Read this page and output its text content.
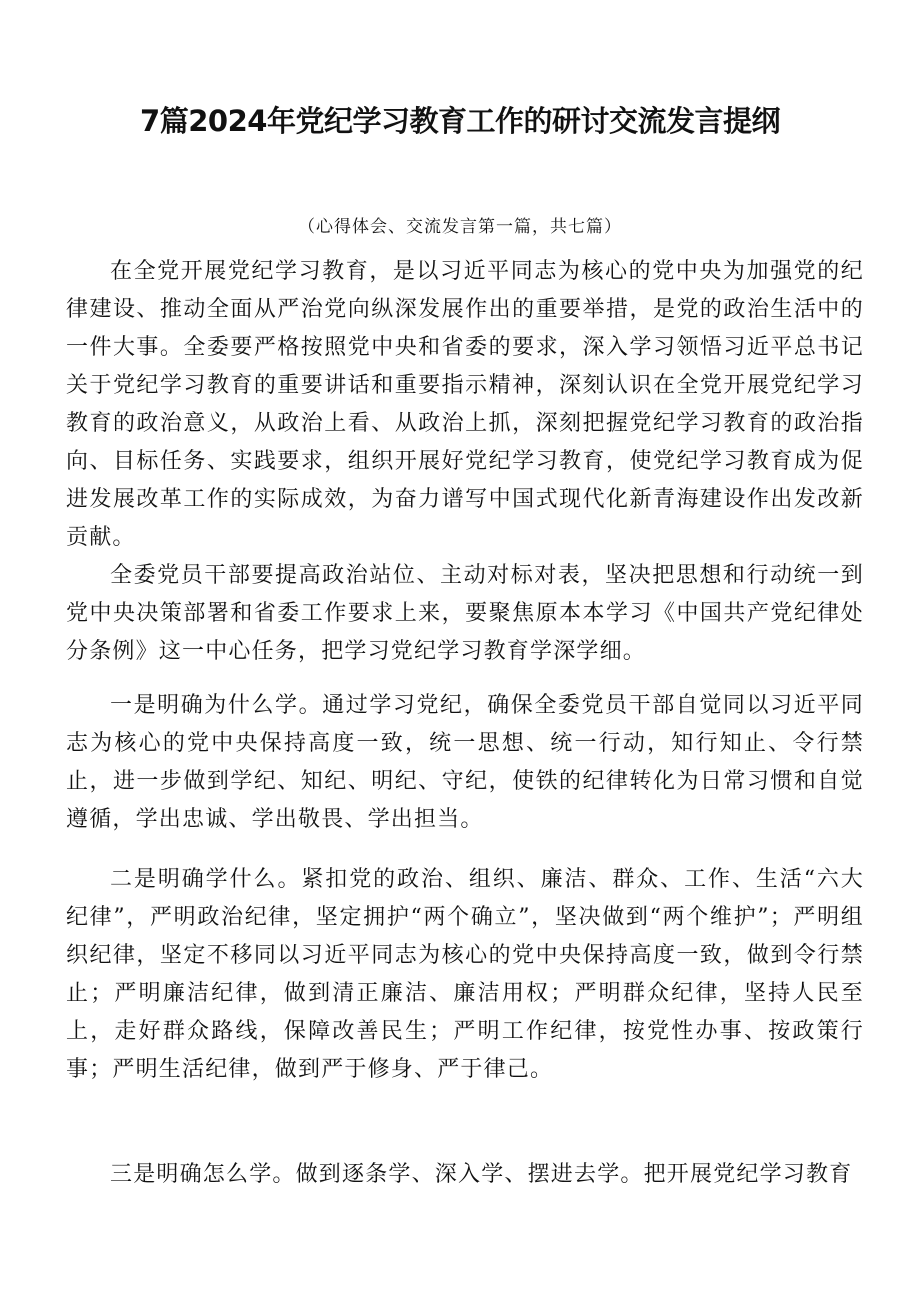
7篇2024年党纪学习教育工作的研讨交流发言提纲

（心得体会、交流发言第一篇，共七篇）

在全党开展党纪学习教育，是以习近平同志为核心的党中央为加强党的纪律建设、推动全面从严治党向纵深发展作出的重要举措，是党的政治生活中的一件大事。全委要严格按照党中央和省委的要求，深入学习领悟习近平总书记关于党纪学习教育的重要讲话和重要指示精神，深刻认识在全党开展党纪学习教育的政治意义，从政治上看、从政治上抓，深刻把握党纪学习教育的政治指向、目标任务、实践要求，组织开展好党纪学习教育，使党纪学习教育成为促进发展改革工作的实际成效，为奋力谱写中国式现代化新青海建设作出发改新贡献。

全委党员干部要提高政治站位、主动对标对表，坚决把思想和行动统一到党中央决策部署和省委工作要求上来，要聚焦原本本学习《中国共产党纪律处分条例》这一中心任务，把学习党纪学习教育学深学细。

一是明确为什么学。通过学习党纪，确保全委党员干部自觉同以习近平同志为核心的党中央保持高度一致，统一思想、统一行动，知行知止、令行禁止，进一步做到学纪、知纪、明纪、守纪，使铁的纪律转化为日常习惯和自觉遵循，学出忠诚、学出敬畏、学出担当。

二是明确学什么。紧扣党的政治、组织、廉洁、群众、工作、生活“六大纪律”，严明政治纪律，坚定拥护“两个确立”，坚决做到“两个维护”；严明组织纪律，坚定不移同以习近平同志为核心的党中央保持高度一致，做到令行禁止；严明廉洁纪律，做到清正廉洁、廉洁用权；严明群众纪律，坚持人民至上，走好群众路线，保障改善民生；严明工作纪律，按党性办事、按政策行事；严明生活纪律，做到严于修身、严于律己。

三是明确怎么学。做到逐条学、深入学、摆进去学。把开展党纪学习教育
